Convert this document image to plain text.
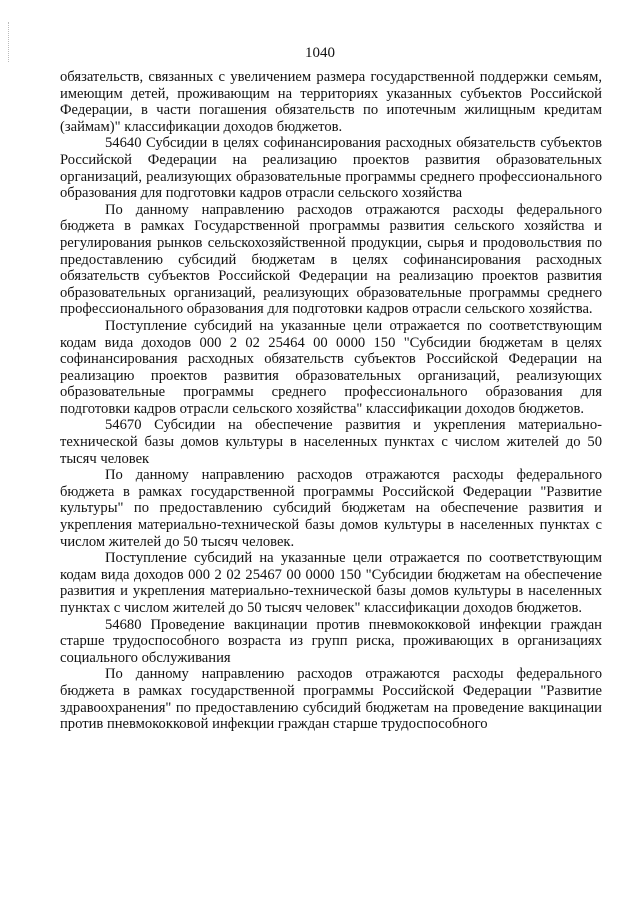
1040

обязательств, связанных с увеличением размера государственной поддержки семьям, имеющим детей, проживающим на территориях указанных субъектов Российской Федерации, в части погашения обязательств по ипотечным жилищным кредитам (займам)" классификации доходов бюджетов.

54640 Субсидии в целях софинансирования расходных обязательств субъектов Российской Федерации на реализацию проектов развития образовательных организаций, реализующих образовательные программы среднего профессионального образования для подготовки кадров отрасли сельского хозяйства

По данному направлению расходов отражаются расходы федерального бюджета в рамках Государственной программы развития сельского хозяйства и регулирования рынков сельскохозяйственной продукции, сырья и продовольствия по предоставлению субсидий бюджетам в целях софинансирования расходных обязательств субъектов Российской Федерации на реализацию проектов развития образовательных организаций, реализующих образовательные программы среднего профессионального образования для подготовки кадров отрасли сельского хозяйства.

Поступление субсидий на указанные цели отражается по соответствующим кодам вида доходов 000 2 02 25464 00 0000 150 "Субсидии бюджетам в целях софинансирования расходных обязательств субъектов Российской Федерации на реализацию проектов развития образовательных организаций, реализующих образовательные программы среднего профессионального образования для подготовки кадров отрасли сельского хозяйства" классификации доходов бюджетов.

54670 Субсидии на обеспечение развития и укрепления материально-технической базы домов культуры в населенных пунктах с числом жителей до 50 тысяч человек

По данному направлению расходов отражаются расходы федерального бюджета в рамках государственной программы Российской Федерации "Развитие культуры" по предоставлению субсидий бюджетам на обеспечение развития и укрепления материально-технической базы домов культуры в населенных пунктах с числом жителей до 50 тысяч человек.

Поступление субсидий на указанные цели отражается по соответствующим кодам вида доходов 000 2 02 25467 00 0000 150 "Субсидии бюджетам на обеспечение развития и укрепления материально-технической базы домов культуры в населенных пунктах с числом жителей до 50 тысяч человек" классификации доходов бюджетов.

54680 Проведение вакцинации против пневмококковой инфекции граждан старше трудоспособного возраста из групп риска, проживающих в организациях социального обслуживания

По данному направлению расходов отражаются расходы федерального бюджета в рамках государственной программы Российской Федерации "Развитие здравоохранения" по предоставлению субсидий бюджетам на проведение вакцинации против пневмококковой инфекции граждан старше трудоспособного
